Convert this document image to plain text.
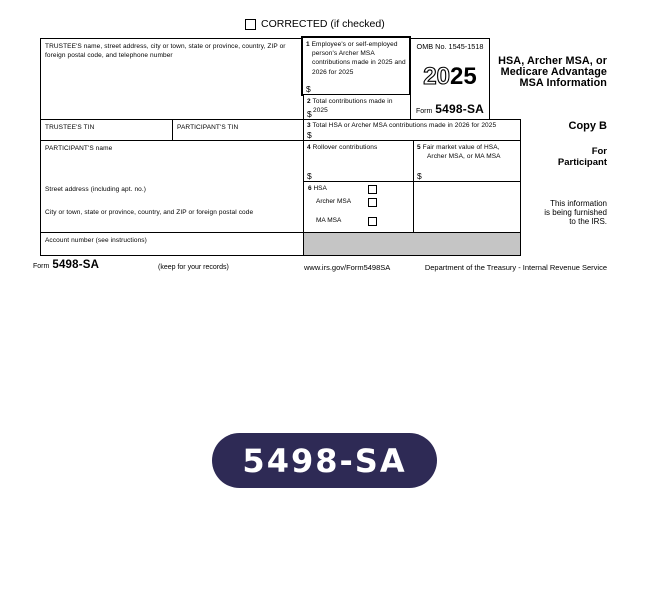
CORRECTED (if checked)
TRUSTEE'S name, street address, city or town, state or province, country, ZIP or foreign postal code, and telephone number
1 Employee's or self-employed person's Archer MSA contributions made in 2025 and 2026 for 2025
$
2 Total contributions made in 2025
$
OMB No. 1545-1518
2025
Form 5498-SA
HSA, Archer MSA, or
Medicare Advantage
MSA Information
TRUSTEE'S TIN	PARTICIPANT'S TIN	3 Total HSA or Archer MSA contributions made in 2026 for 2025
$
Copy B
PARTICIPANT'S name
Street address (including apt. no.)
City or town, state or province, country, and ZIP or foreign postal code
4 Rollover contributions
$
5 Fair market value of HSA, Archer MSA, or MA MSA
$
For
Participant
6 HSA
Archer MSA
MA MSA
This information
is being furnished
to the IRS.
Account number (see instructions)
Form 5498-SA	(keep for your records)	www.irs.gov/Form5498SA	Department of the Treasury - Internal Revenue Service
5498-SA
